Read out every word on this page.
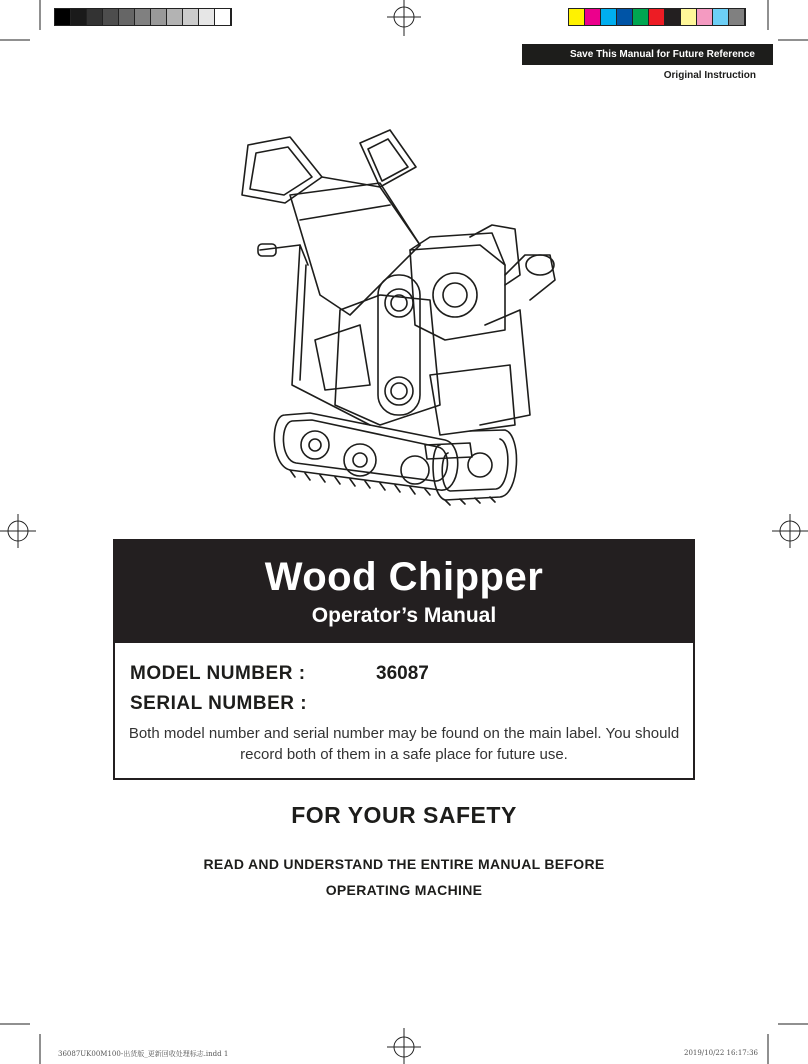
Save This Manual for Future Reference
Original Instruction
Wood Chipper
Operator’s Manual
MODEL NUMBER :	36087
SERIAL NUMBER :
Both model number and serial number may be found on the main label. You should record both of them in a safe place for future use.
FOR YOUR SAFETY
READ AND UNDERSTAND THE ENTIRE MANUAL BEFORE
OPERATING MACHINE
36087UK00M100-出货版_更新回收处理标志.indd 1	2019/10/22 16:17:36
